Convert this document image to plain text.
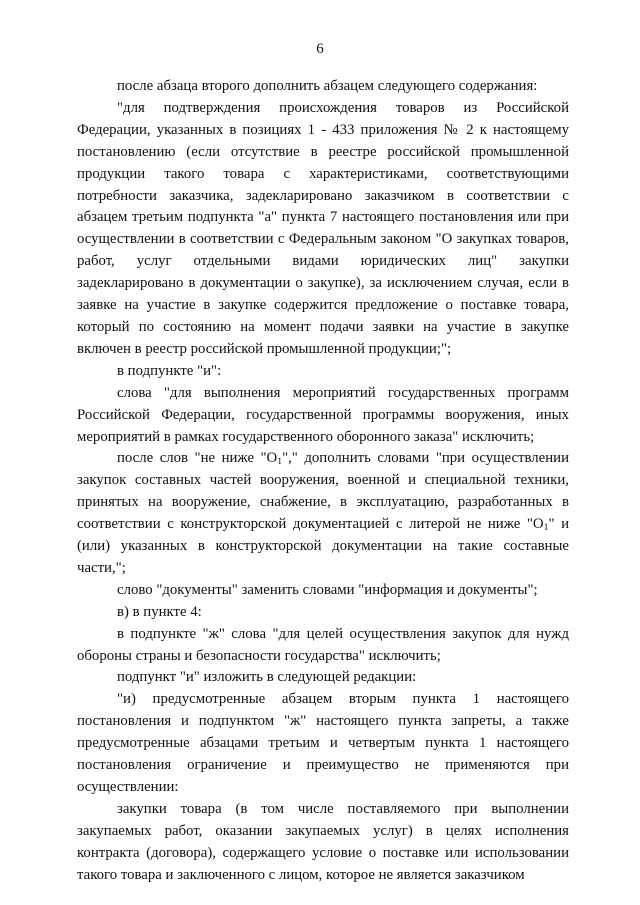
6

после абзаца второго дополнить абзацем следующего содержания:

"для подтверждения происхождения товаров из Российской Федерации, указанных в позициях 1 - 433 приложения № 2 к настоящему постановлению (если отсутствие в реестре российской промышленной продукции такого товара с характеристиками, соответствующими потребности заказчика, задекларировано заказчиком в соответствии с абзацем третьим подпункта "а" пункта 7 настоящего постановления или при осуществлении в соответствии с Федеральным законом "О закупках товаров, работ, услуг отдельными видами юридических лиц" закупки задекларировано в документации о закупке), за исключением случая, если в заявке на участие в закупке содержится предложение о поставке товара, который по состоянию на момент подачи заявки на участие в закупке включен в реестр российской промышленной продукции;";

в подпункте "и":

слова "для выполнения мероприятий государственных программ Российской Федерации, государственной программы вооружения, иных мероприятий в рамках государственного оборонного заказа" исключить;

после слов "не ниже "$О_1$"," дополнить словами "при осуществлении закупок составных частей вооружения, военной и специальной техники, принятых на вооружение, снабжение, в эксплуатацию, разработанных в соответствии с конструкторской документацией с литерой не ниже "$О_1$" и (или) указанных в конструкторской документации на такие составные части,";

слово "документы" заменить словами "информация и документы";

в) в пункте 4:

в подпункте "ж" слова "для целей осуществления закупок для нужд обороны страны и безопасности государства" исключить;

подпункт "и" изложить в следующей редакции:

"и) предусмотренные абзацем вторым пункта 1 настоящего постановления и подпунктом "ж" настоящего пункта запреты, а также предусмотренные абзацами третьим и четвертым пункта 1 настоящего постановления ограничение и преимущество не применяются при осуществлении:

закупки товара (в том числе поставляемого при выполнении закупаемых работ, оказании закупаемых услуг) в целях исполнения контракта (договора), содержащего условие о поставке или использовании такого товара и заключенного с лицом, которое не является заказчиком
